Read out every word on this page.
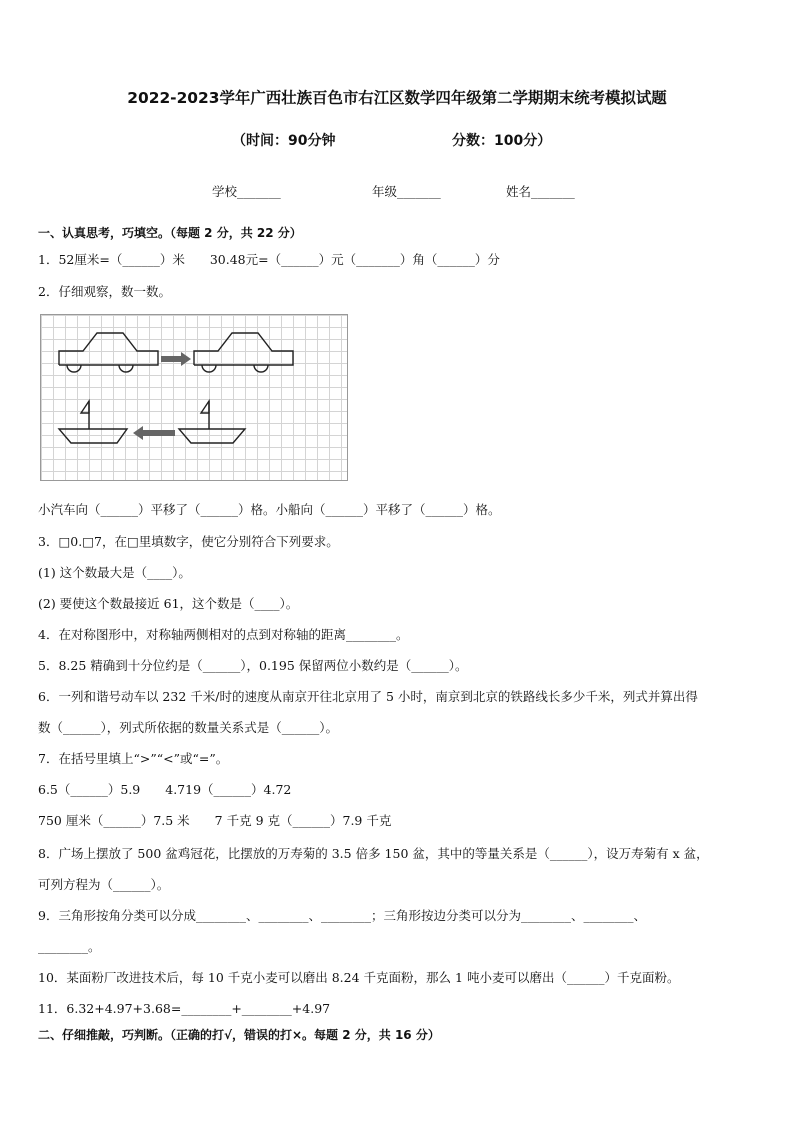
2022-2023学年广西壮族百色市右江区数学四年级第二学期期末统考模拟试题
（时间：90分钟	分数：100分）
学校_______	年级_______	姓名_______
一、认真思考，巧填空。（每题 2 分，共 22 分）
1．52厘米=（______）米　　30.48元=（______）元（_______）角（______）分
2．仔细观察，数一数。
小汽车向（______）平移了（______）格。小船向（______）平移了（______）格。
3．□0.□7，在□里填数字，使它分别符合下列要求。
(1) 这个数最大是（____）。
(2) 要使这个数最接近 61，这个数是（____）。
4．在对称图形中，对称轴两侧相对的点到对称轴的距离________。
5．8.25 精确到十分位约是（______），0.195 保留两位小数约是（______）。
6．一列和谐号动车以 232 千米/时的速度从南京开往北京用了 5 小时，南京到北京的铁路线长多少千米，列式并算出得
数（______），列式所依据的数量关系式是（______）。
7．在括号里填上“>”“<”或“=”。
6.5（______）5.9　　4.719（______）4.72
750 厘米（______）7.5 米　　7 千克 9 克（______）7.9 千克
8．广场上摆放了 500 盆鸡冠花，比摆放的万寿菊的 3.5 倍多 150 盆，其中的等量关系是（______），设万寿菊有 x 盆，
可列方程为（______）。
9．三角形按角分类可以分成________、________、________；三角形按边分类可以分为________、________、
________。
10．某面粉厂改进技术后，每 10 千克小麦可以磨出 8.24 千克面粉，那么 1 吨小麦可以磨出（______）千克面粉。
11．6.32+4.97+3.68=________+________+4.97
二、仔细推敲，巧判断。（正确的打√，错误的打×。每题 2 分，共 16 分）
